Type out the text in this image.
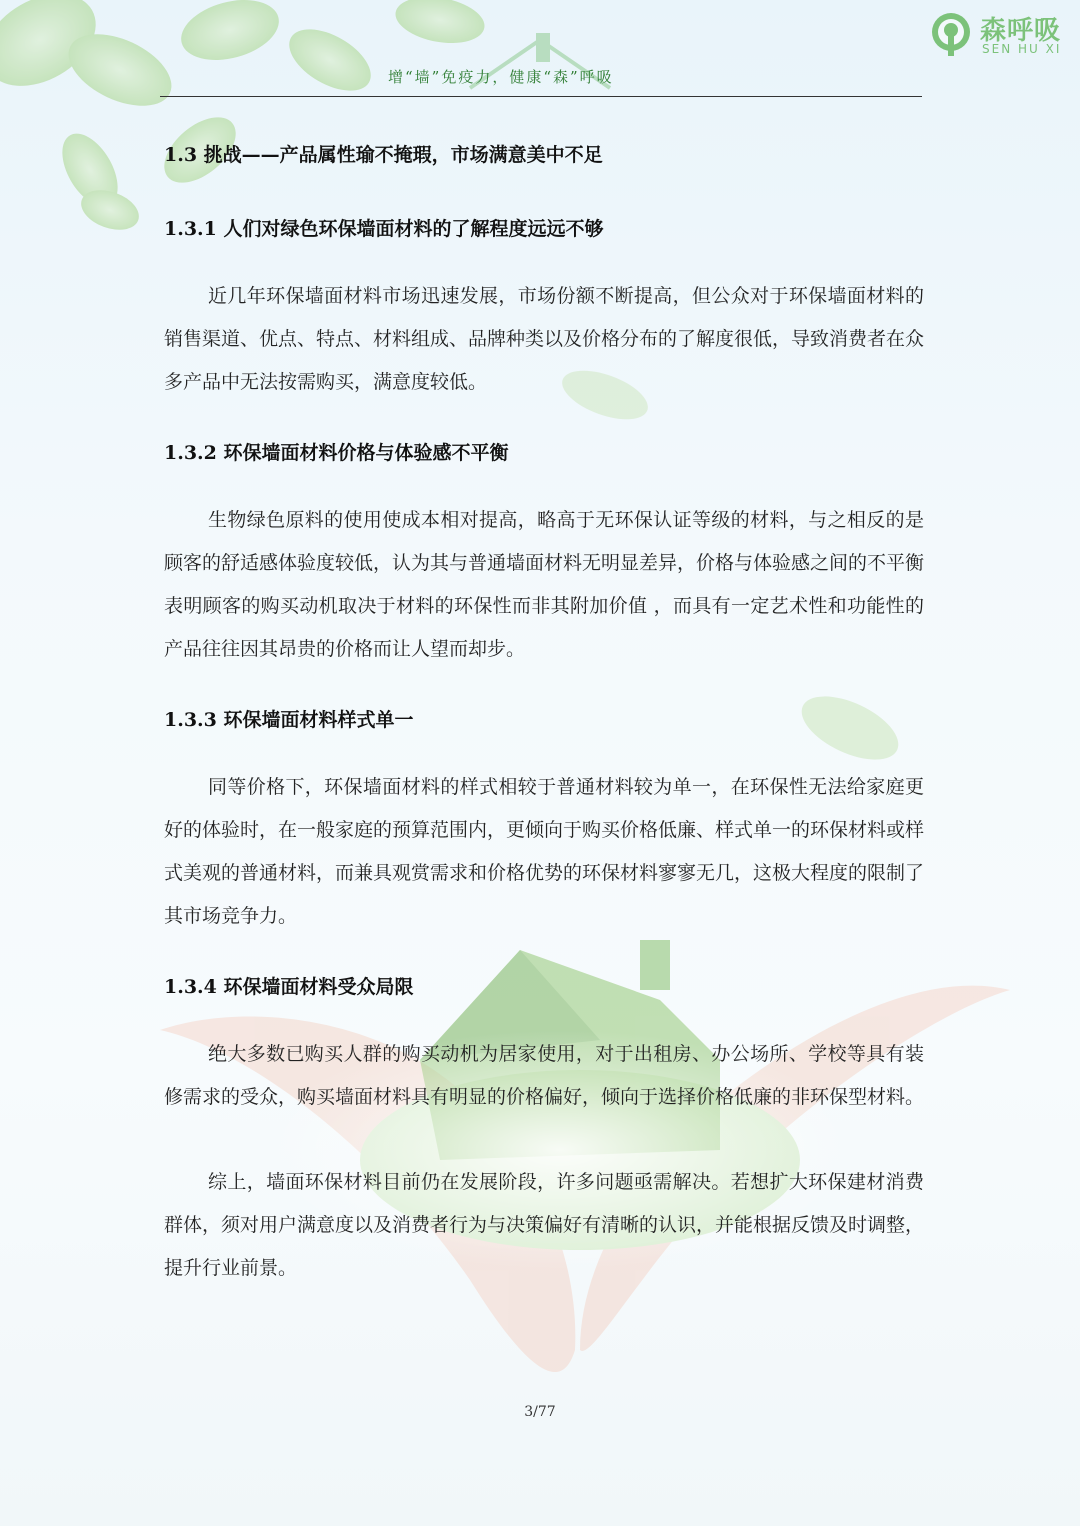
森呼吸
SEN HU XI
增“墙”免疫力，健康“森”呼吸
1.3 挑战——产品属性瑜不掩瑕，市场满意美中不足
1.3.1 人们对绿色环保墙面材料的了解程度远远不够
近几年环保墙面材料市场迅速发展，市场份额不断提高，但公众对于环保墙面材料的销售渠道、优点、特点、材料组成、品牌种类以及价格分布的了解度很低，导致消费者在众多产品中无法按需购买，满意度较低。
1.3.2 环保墙面材料价格与体验感不平衡
生物绿色原料的使用使成本相对提高，略高于无环保认证等级的材料，与之相反的是顾客的舒适感体验度较低，认为其与普通墙面材料无明显差异，价格与体验感之间的不平衡表明顾客的购买动机取决于材料的环保性而非其附加价值 ，而具有一定艺术性和功能性的产品往往因其昂贵的价格而让人望而却步。
1.3.3 环保墙面材料样式单一
同等价格下，环保墙面材料的样式相较于普通材料较为单一，在环保性无法给家庭更好的体验时，在一般家庭的预算范围内，更倾向于购买价格低廉、样式单一的环保材料或样式美观的普通材料，而兼具观赏需求和价格优势的环保材料寥寥无几，这极大程度的限制了其市场竞争力。
1.3.4 环保墙面材料受众局限
绝大多数已购买人群的购买动机为居家使用，对于出租房、办公场所、学校等具有装修需求的受众，购买墙面材料具有明显的价格偏好，倾向于选择价格低廉的非环保型材料。
综上，墙面环保材料目前仍在发展阶段，许多问题亟需解决。若想扩大环保建材消费群体，须对用户满意度以及消费者行为与决策偏好有清晰的认识，并能根据反馈及时调整，提升行业前景。
3/77
